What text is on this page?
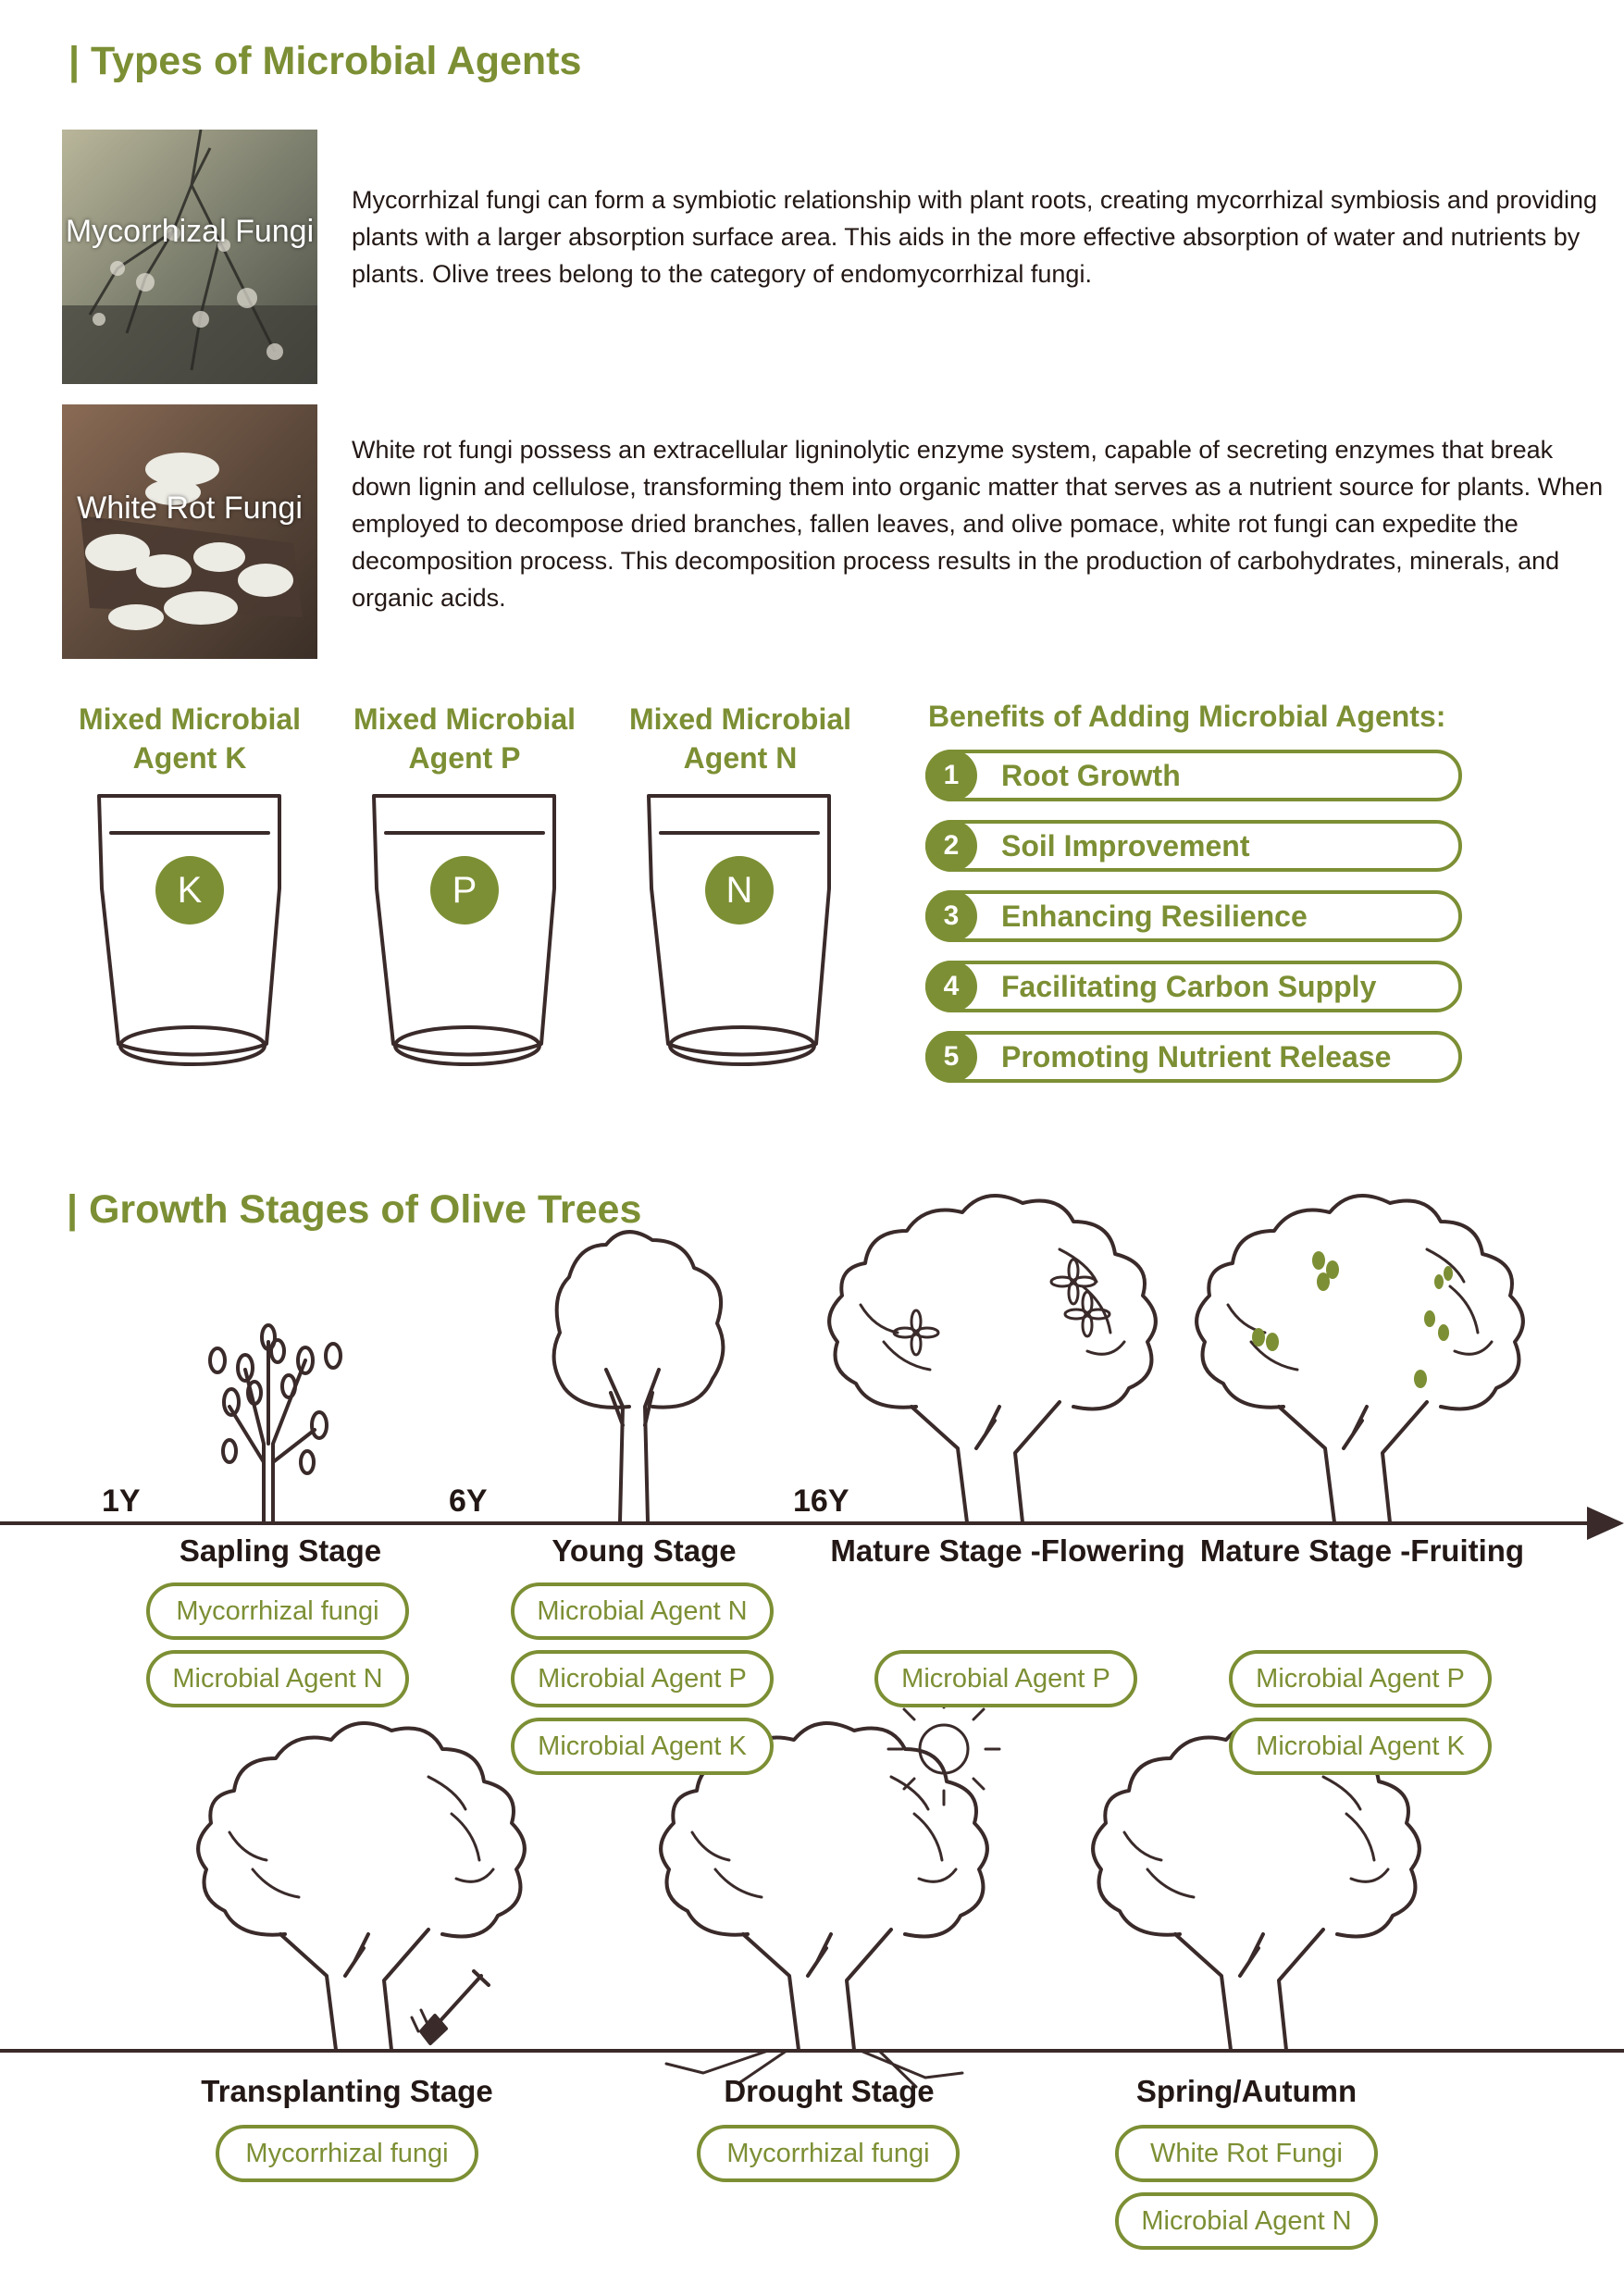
| Types of Microbial Agents
Mycorrhizal Fungi
Mycorrhizal fungi can form a symbiotic relationship with plant roots, creating mycorrhizal symbiosis and providing plants with a larger absorption surface area. This aids in the more effective absorption of water and nutrients by plants. Olive trees belong to the category of endomycorrhizal fungi.
White Rot Fungi
White rot fungi possess an extracellular ligninolytic enzyme system, capable of secreting enzymes that break down lignin and cellulose, transforming them into organic matter that serves as a nutrient source for plants. When employed to decompose dried branches, fallen leaves, and olive pomace, white rot fungi can expedite the decomposition process. This decomposition process results in the production of carbohydrates, minerals, and organic acids.
Mixed Microbial Agent K
Mixed Microbial Agent P
Mixed Microbial Agent N
Benefits of Adding Microbial Agents:
1	Root Growth
2	Soil Improvement
3	Enhancing Resilience
4	Facilitating Carbon Supply
5	Promoting Nutrient Release
| Growth Stages of Olive Trees
1Y	6Y	16Y
Sapling Stage	Young Stage	Mature Stage -Flowering Mature Stage -Fruiting
K	P	N
Mycorrhizal fungi
Microbial Agent N
Microbial Agent N
Microbial Agent P
Microbial Agent K
Microbial Agent P	Microbial Agent P
Microbial Agent K
Transplanting Stage	Drought Stage	Spring/Autumn
Mycorrhizal fungi	Mycorrhizal fungi	White Rot Fungi
Microbial Agent N
